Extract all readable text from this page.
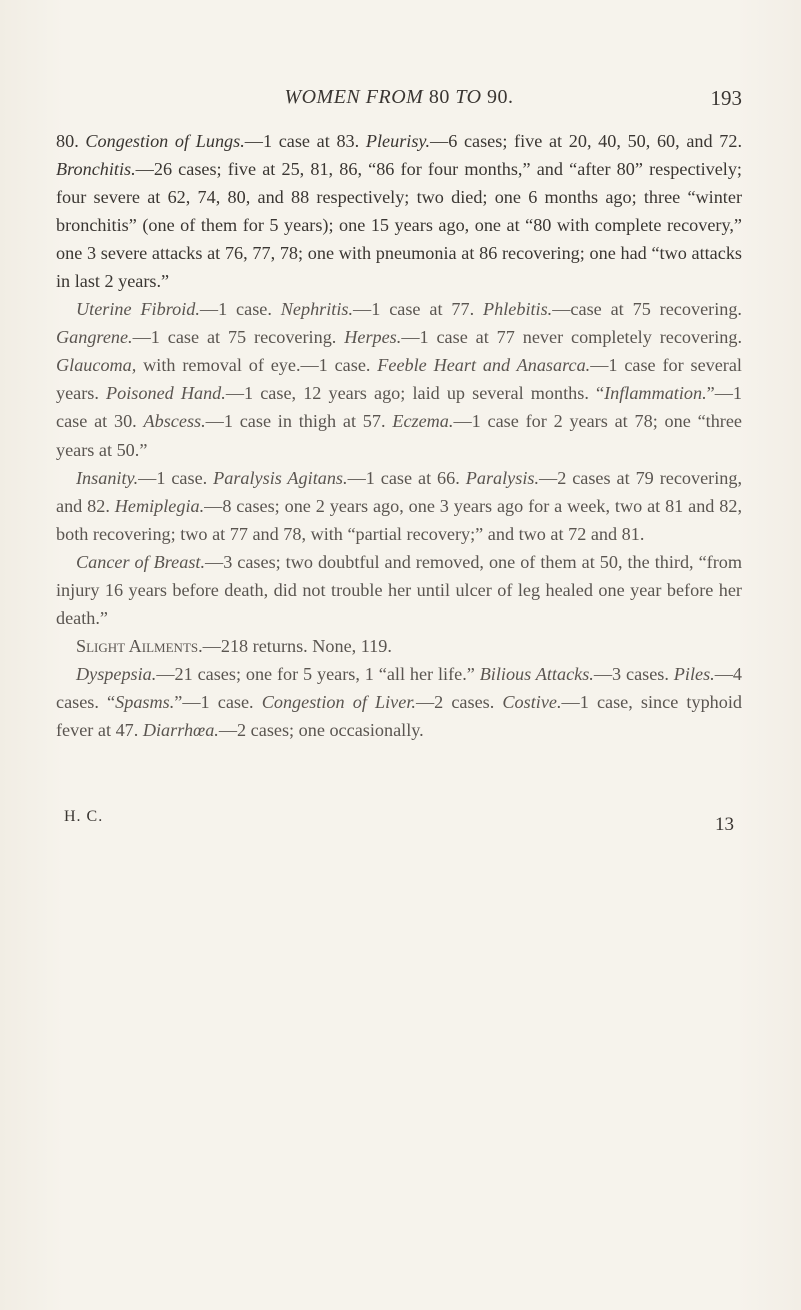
WOMEN FROM 80 TO 90.	193

80. Congestion of Lungs.—1 case at 83. Pleurisy.—6 cases; five at 20, 40, 50, 60, and 72. Bronchitis.—26 cases; five at 25, 81, 86, “86 for four months,” and “after 80” respectively; four severe at 62, 74, 80, and 88 respectively; two died; one 6 months ago; three “winter bronchitis” (one of them for 5 years); one 15 years ago, one at “80 with complete recovery,” one 3 severe attacks at 76, 77, 78; one with pneumonia at 86 recovering; one had “two attacks in last 2 years.”

Uterine Fibroid.—1 case. Nephritis.—1 case at 77. Phlebitis.—case at 75 recovering. Gangrene.—1 case at 75 recovering. Herpes.—1 case at 77 never completely recovering. Glaucoma, with removal of eye.—1 case. Feeble Heart and Anasarca.—1 case for several years. Poisoned Hand.—1 case, 12 years ago; laid up several months. “Inflammation.”—1 case at 30. Abscess.—1 case in thigh at 57. Eczema.—1 case for 2 years at 78; one “three years at 50.”

Insanity.—1 case. Paralysis Agitans.—1 case at 66. Paralysis.—2 cases at 79 recovering, and 82. Hemiplegia.—8 cases; one 2 years ago, one 3 years ago for a week, two at 81 and 82, both recovering; two at 77 and 78, with “partial recovery;” and two at 72 and 81.

Cancer of Breast.—3 cases; two doubtful and removed, one of them at 50, the third, “from injury 16 years before death, did not trouble her until ulcer of leg healed one year before her death.”

Slight Ailments.—218 returns. None, 119.

Dyspepsia.—21 cases; one for 5 years, 1 “all her life.” Bilious Attacks.—3 cases. Piles.—4 cases. “Spasms.”—1 case. Congestion of Liver.—2 cases. Costive.—1 case, since typhoid fever at 47. Diarrhœa.—2 cases; one occasionally.

H. C.	13
